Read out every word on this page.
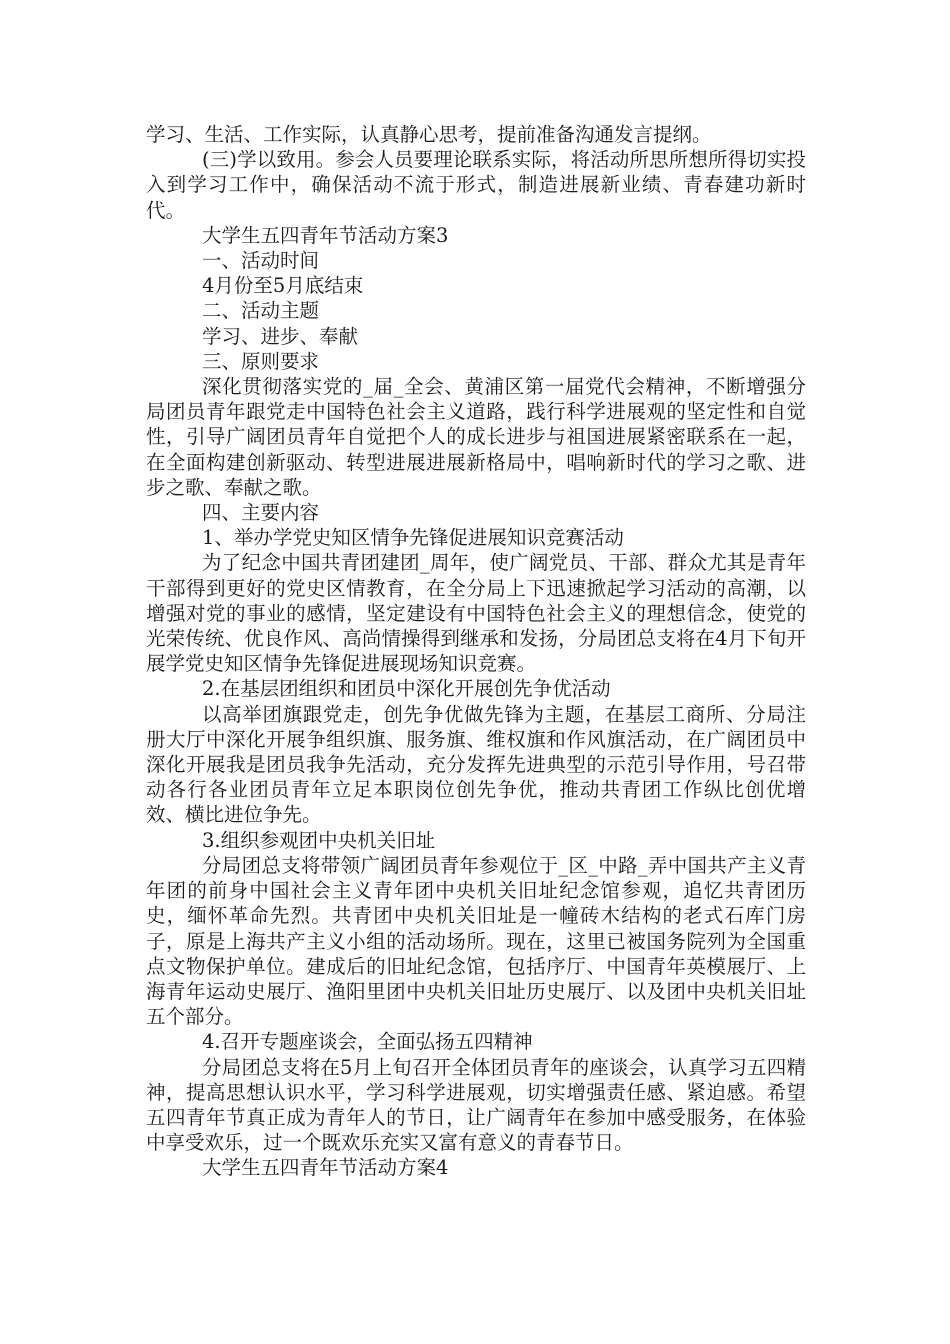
学习、生活、工作实际，认真静心思考，提前准备沟通发言提纲。

(三)学以致用。参会人员要理论联系实际，将活动所思所想所得切实投入到学习工作中，确保活动不流于形式，制造进展新业绩、青春建功新时代。

大学生五四青年节活动方案3

一、活动时间

4月份至5月底结束

二、活动主题

学习、进步、奉献

三、原则要求

深化贯彻落实党的_届_全会、黄浦区第一届党代会精神，不断增强分局团员青年跟党走中国特色社会主义道路，践行科学进展观的坚定性和自觉性，引导广阔团员青年自觉把个人的成长进步与祖国进展紧密联系在一起，在全面构建创新驱动、转型进展进展新格局中，唱响新时代的学习之歌、进步之歌、奉献之歌。

四、主要内容

1、举办学党史知区情争先锋促进展知识竞赛活动

为了纪念中国共青团建团_周年，使广阔党员、干部、群众尤其是青年干部得到更好的党史区情教育，在全分局上下迅速掀起学习活动的高潮，以增强对党的事业的感情，坚定建设有中国特色社会主义的理想信念，使党的光荣传统、优良作风、高尚情操得到继承和发扬，分局团总支将在4月下旬开展学党史知区情争先锋促进展现场知识竞赛。

2.在基层团组织和团员中深化开展创先争优活动

以高举团旗跟党走，创先争优做先锋为主题，在基层工商所、分局注册大厅中深化开展争组织旗、服务旗、维权旗和作风旗活动，在广阔团员中深化开展我是团员我争先活动，充分发挥先进典型的示范引导作用，号召带动各行各业团员青年立足本职岗位创先争优，推动共青团工作纵比创优增效、横比进位争先。

3.组织参观团中央机关旧址

分局团总支将带领广阔团员青年参观位于_区_中路_弄中国共产主义青年团的前身中国社会主义青年团中央机关旧址纪念馆参观，追忆共青团历史，缅怀革命先烈。共青团中央机关旧址是一幢砖木结构的老式石库门房子，原是上海共产主义小组的活动场所。现在，这里已被国务院列为全国重点文物保护单位。建成后的旧址纪念馆，包括序厅、中国青年英模展厅、上海青年运动史展厅、渔阳里团中央机关旧址历史展厅、以及团中央机关旧址五个部分。

4.召开专题座谈会，全面弘扬五四精神

分局团总支将在5月上旬召开全体团员青年的座谈会，认真学习五四精神，提高思想认识水平，学习科学进展观，切实增强责任感、紧迫感。希望五四青年节真正成为青年人的节日，让广阔青年在参加中感受服务，在体验中享受欢乐，过一个既欢乐充实又富有意义的青春节日。

大学生五四青年节活动方案4
